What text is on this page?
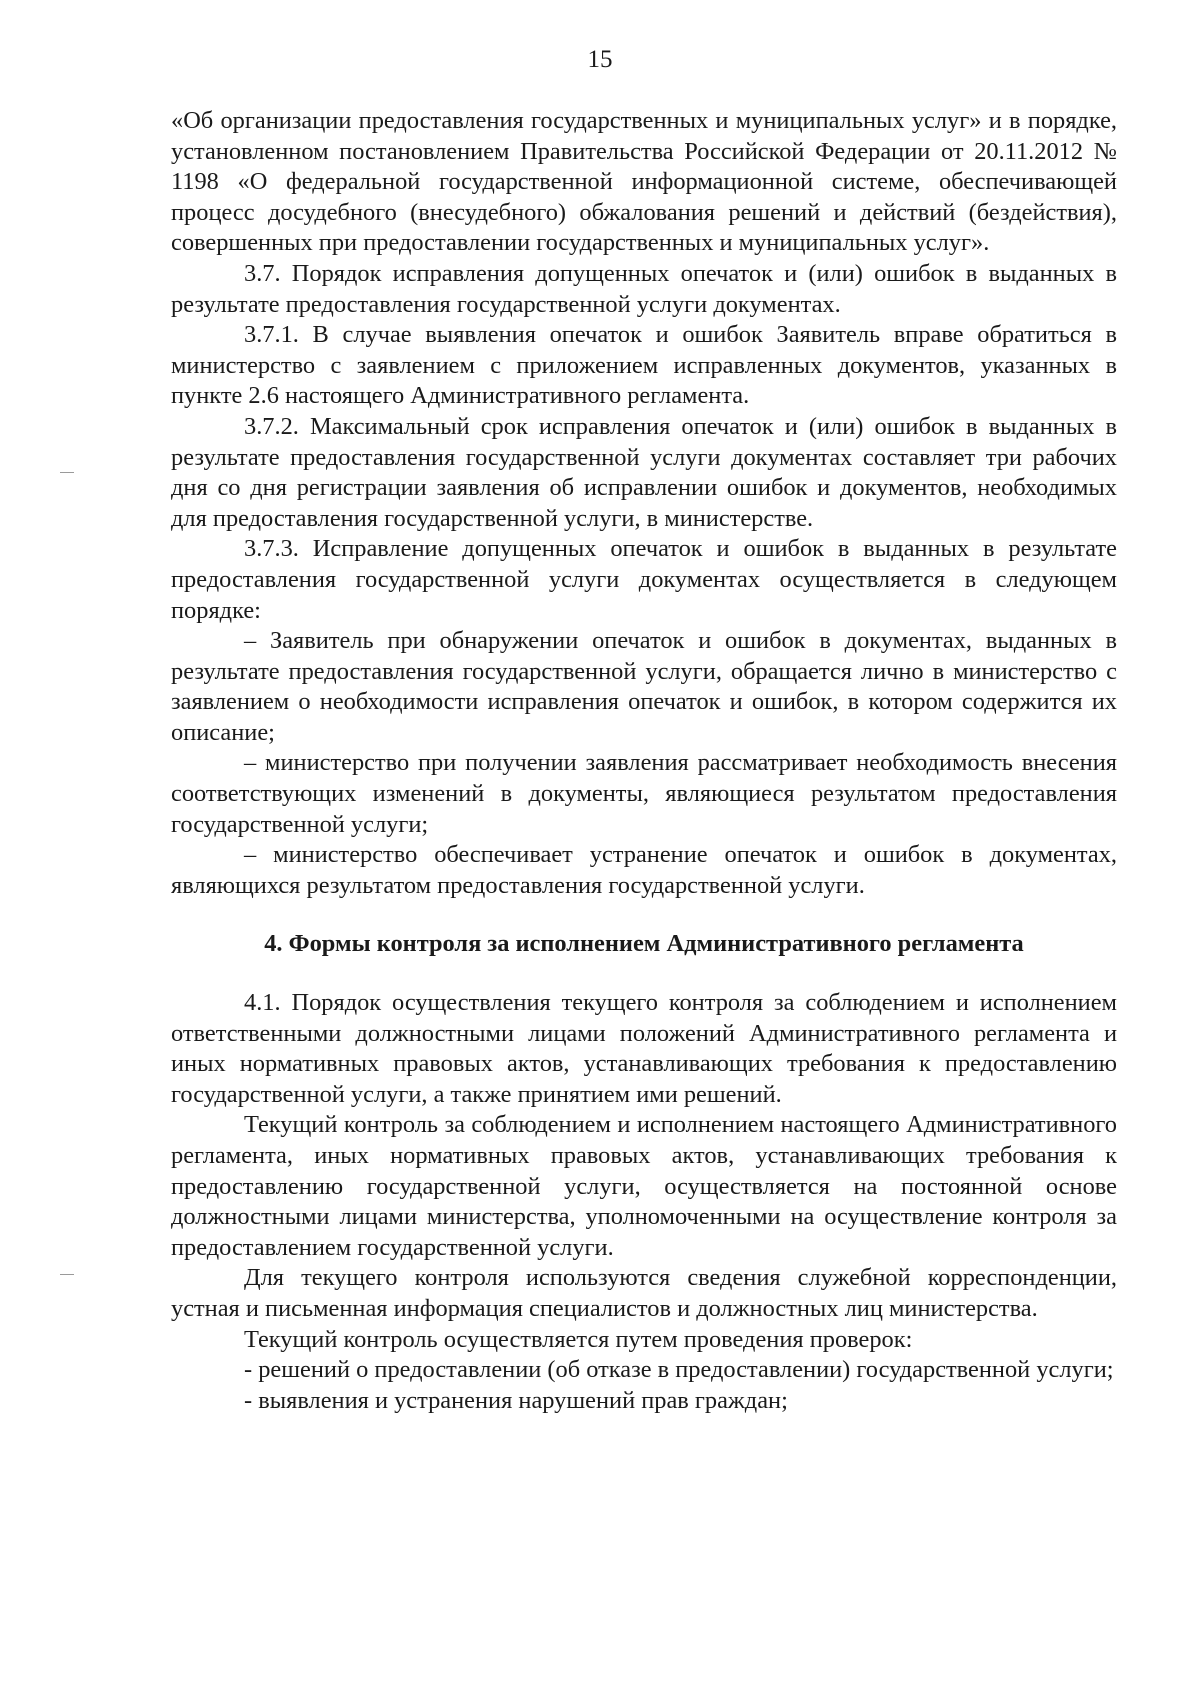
15

«Об организации предоставления государственных и муниципальных услуг» и в порядке, установленном постановлением Правительства Российской Федерации от 20.11.2012 № 1198 «О федеральной государственной информационной системе, обеспечивающей процесс досудебного (внесудебного) обжалования решений и действий (бездействия), совершенных при предоставлении государственных и муниципальных услуг».

3.7. Порядок исправления допущенных опечаток и (или) ошибок в выданных в результате предоставления государственной услуги документах.

3.7.1. В случае выявления опечаток и ошибок Заявитель вправе обратиться в министерство с заявлением с приложением исправленных документов, указанных в пункте 2.6 настоящего Административного регламента.

3.7.2. Максимальный срок исправления опечаток и (или) ошибок в выданных в результате предоставления государственной услуги документах составляет три рабочих дня со дня регистрации заявления об исправлении ошибок и документов, необходимых для предоставления государственной услуги, в министерстве.

3.7.3. Исправление допущенных опечаток и ошибок в выданных в результате предоставления государственной услуги документах осуществляется в следующем порядке:

– Заявитель при обнаружении опечаток и ошибок в документах, выданных в результате предоставления государственной услуги, обращается лично в министерство с заявлением о необходимости исправления опечаток и ошибок, в котором содержится их описание;

– министерство при получении заявления рассматривает необходимость внесения соответствующих изменений в документы, являющиеся результатом предоставления государственной услуги;

– министерство обеспечивает устранение опечаток и ошибок в документах, являющихся результатом предоставления государственной услуги.

4. Формы контроля за исполнением Административного регламента

4.1. Порядок осуществления текущего контроля за соблюдением и исполнением ответственными должностными лицами положений Административного регламента и иных нормативных правовых актов, устанавливающих требования к предоставлению государственной услуги, а также принятием ими решений.

Текущий контроль за соблюдением и исполнением настоящего Административного регламента, иных нормативных правовых актов, устанавливающих требования к предоставлению государственной услуги, осуществляется на постоянной основе должностными лицами министерства, уполномоченными на осуществление контроля за предоставлением государственной услуги.

Для текущего контроля используются сведения служебной корреспонденции, устная и письменная информация специалистов и должностных лиц министерства.

Текущий контроль осуществляется путем проведения проверок:

- решений о предоставлении (об отказе в предоставлении) государственной услуги;

- выявления и устранения нарушений прав граждан;
